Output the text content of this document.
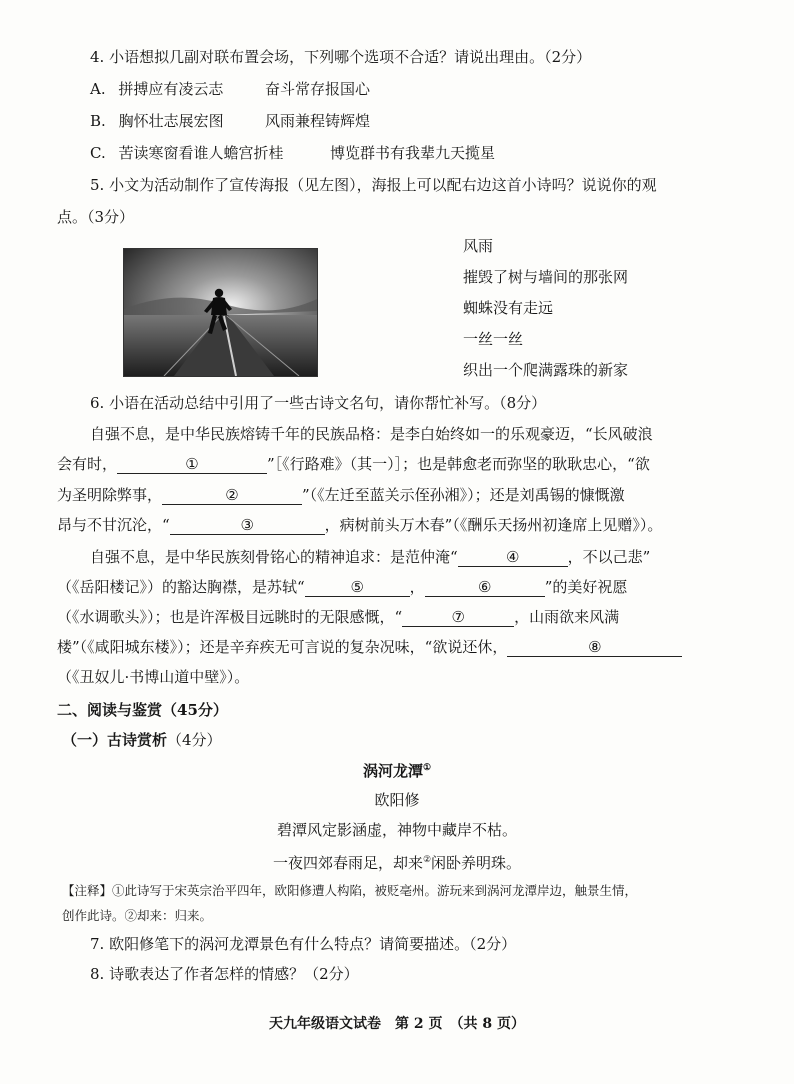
4. 小语想拟几副对联布置会场，下列哪个选项不合适？请说出理由。（2分）
A. 拼搏应有凌云志	奋斗常存报国心
B. 胸怀壮志展宏图	风雨兼程铸辉煌
C. 苦读寒窗看谁人蟾宫折桂	博览群书有我辈九天揽星
5. 小文为活动制作了宣传海报（见左图），海报上可以配右边这首小诗吗？说说你的观
点。（3分）
风雨
摧毁了树与墙间的那张网
蜘蛛没有走远
一丝一丝
织出一个爬满露珠的新家
6. 小语在活动总结中引用了一些古诗文名句，请你帮忙补写。（8分）
自强不息，是中华民族熔铸千年的民族品格：是李白始终如一的乐观豪迈，“长风破浪
会有时，	①	”［《行路难》（其一）］；也是韩愈老而弥坚的耿耿忠心，“欲
为圣明除弊事，	②	”（《左迁至蓝关示侄孙湘》）；还是刘禹锡的慷慨激
昂与不甘沉沦，“	③	，病树前头万木春”（《酬乐天扬州初逢席上见赠》）。
自强不息，是中华民族刻骨铭心的精神追求：是范仲淹“	④	，不以己悲”
（《岳阳楼记》）的豁达胸襟，是苏轼“	⑤	，	⑥	”的美好祝愿
（《水调歌头》）；也是许浑极目远眺时的无限感慨，“	⑦	，山雨欲来风满
楼”（《咸阳城东楼》）；还是辛弃疾无可言说的复杂况味，“欲说还休，	⑧
（《丑奴儿·书博山道中壁》）。
二、阅读与鉴赏（45分）
（一）古诗赏析（4分）
涡河龙潭①
欧阳修
碧潭风定影涵虚，神物中藏岸不枯。
一夜四郊春雨足，却来②闲卧养明珠。
【注释】①此诗写于宋英宗治平四年，欧阳修遭人构陷，被贬亳州。游玩来到涡河龙潭岸边，触景生情，
创作此诗。②却来：归来。
7. 欧阳修笔下的涡河龙潭景色有什么特点？请简要描述。（2分）
8. 诗歌表达了作者怎样的情感？（2分）
天九年级语文试卷　第 2 页　（共 8 页）
